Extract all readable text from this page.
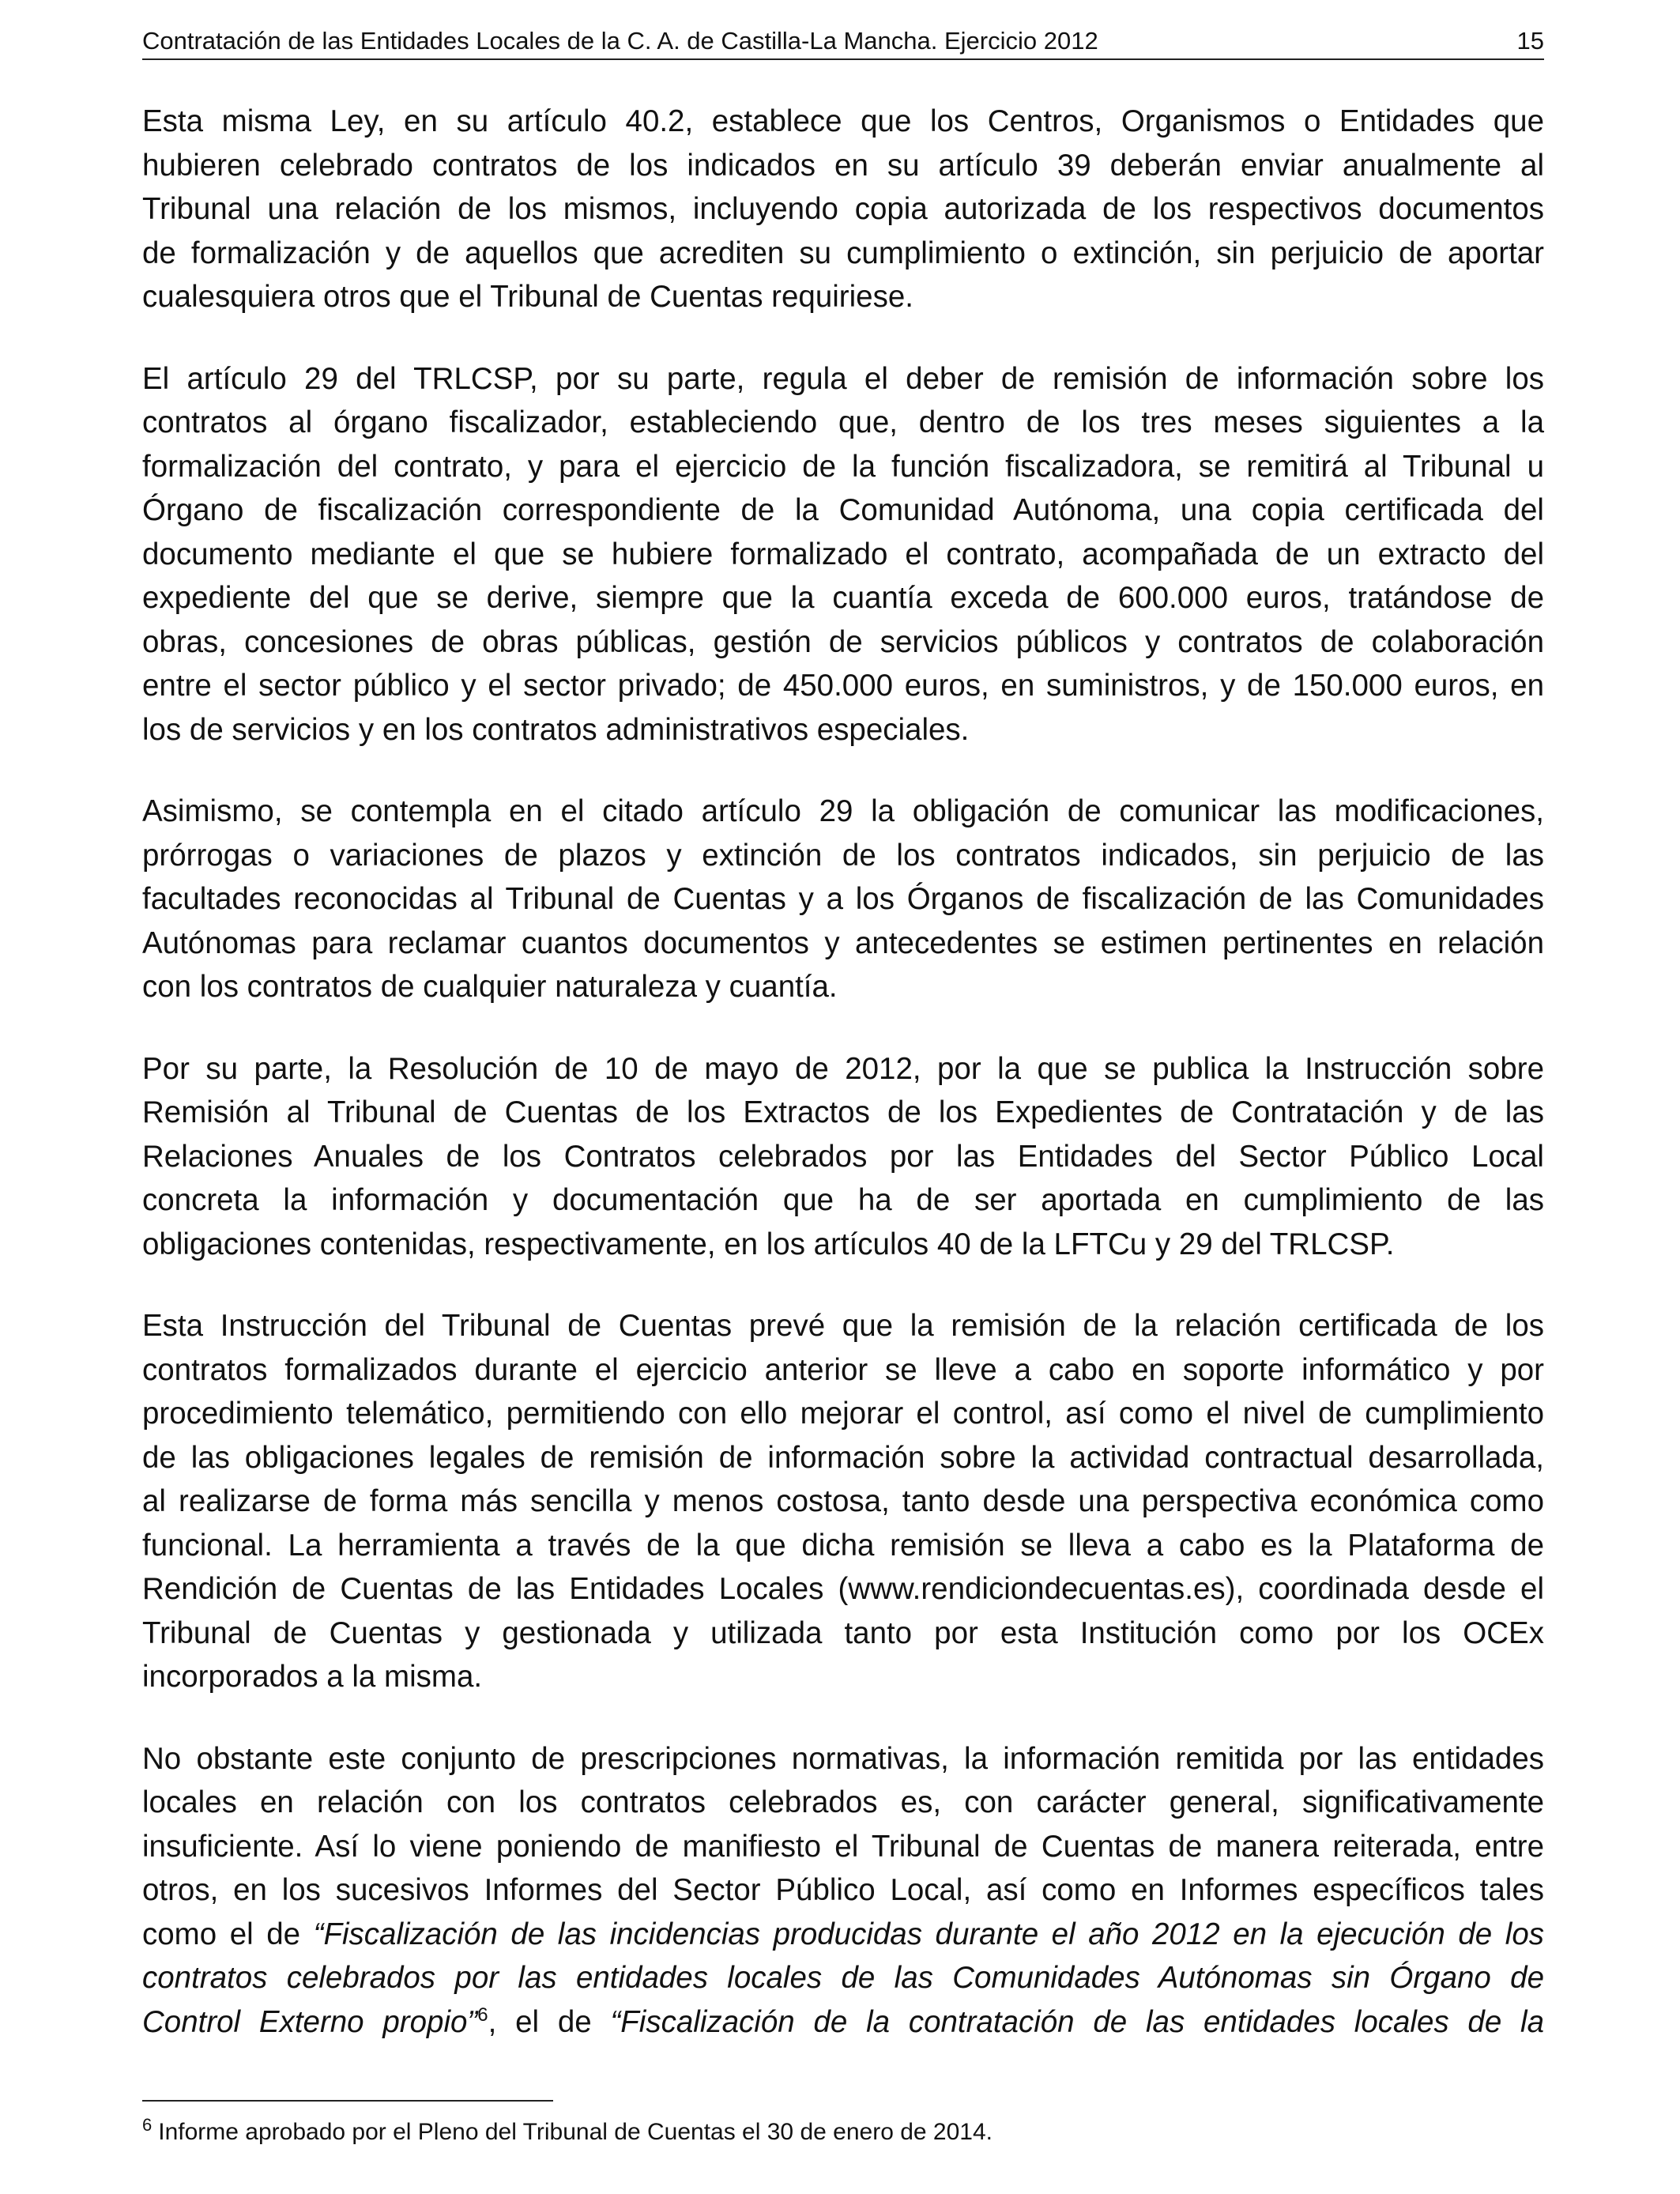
Contratación de las Entidades Locales de la C. A. de Castilla-La Mancha. Ejercicio 2012	15

Esta misma Ley, en su artículo 40.2, establece que los Centros, Organismos o Entidades que
hubieren celebrado contratos de los indicados en su artículo 39 deberán enviar anualmente al
Tribunal una relación de los mismos, incluyendo copia autorizada de los respectivos documentos
de formalización y de aquellos que acrediten su cumplimiento o extinción, sin perjuicio de aportar
cualesquiera otros que el Tribunal de Cuentas requiriese.

El artículo 29 del TRLCSP, por su parte, regula el deber de remisión de información sobre los
contratos al órgano fiscalizador, estableciendo que, dentro de los tres meses siguientes a la
formalización del contrato, y para el ejercicio de la función fiscalizadora, se remitirá al Tribunal u
Órgano de fiscalización correspondiente de la Comunidad Autónoma, una copia certificada del
documento mediante el que se hubiere formalizado el contrato, acompañada de un extracto del
expediente del que se derive, siempre que la cuantía exceda de 600.000 euros, tratándose de
obras, concesiones de obras públicas, gestión de servicios públicos y contratos de colaboración
entre el sector público y el sector privado; de 450.000 euros, en suministros, y de 150.000 euros, en
los de servicios y en los contratos administrativos especiales.

Asimismo, se contempla en el citado artículo 29 la obligación de comunicar las modificaciones,
prórrogas o variaciones de plazos y extinción de los contratos indicados, sin perjuicio de las
facultades reconocidas al Tribunal de Cuentas y a los Órganos de fiscalización de las Comunidades
Autónomas para reclamar cuantos documentos y antecedentes se estimen pertinentes en relación
con los contratos de cualquier naturaleza y cuantía.

Por su parte, la Resolución de 10 de mayo de 2012, por la que se publica la Instrucción sobre
Remisión al Tribunal de Cuentas de los Extractos de los Expedientes de Contratación y de las
Relaciones Anuales de los Contratos celebrados por las Entidades del Sector Público Local
concreta la información y documentación que ha de ser aportada en cumplimiento de las
obligaciones contenidas, respectivamente, en los artículos 40 de la LFTCu y 29 del TRLCSP.

Esta Instrucción del Tribunal de Cuentas prevé que la remisión de la relación certificada de los
contratos formalizados durante el ejercicio anterior se lleve a cabo en soporte informático y por
procedimiento telemático, permitiendo con ello mejorar el control, así como el nivel de cumplimiento
de las obligaciones legales de remisión de información sobre la actividad contractual desarrollada,
al realizarse de forma más sencilla y menos costosa, tanto desde una perspectiva económica como
funcional. La herramienta a través de la que dicha remisión se lleva a cabo es la Plataforma de
Rendición de Cuentas de las Entidades Locales (www.rendiciondecuentas.es), coordinada desde el
Tribunal de Cuentas y gestionada y utilizada tanto por esta Institución como por los OCEx
incorporados a la misma.

No obstante este conjunto de prescripciones normativas, la información remitida por las entidades
locales en relación con los contratos celebrados es, con carácter general, significativamente
insuficiente. Así lo viene poniendo de manifiesto el Tribunal de Cuentas de manera reiterada, entre
otros, en los sucesivos Informes del Sector Público Local, así como en Informes específicos tales
como el de “Fiscalización de las incidencias producidas durante el año 2012 en la ejecución de los
contratos celebrados por las entidades locales de las Comunidades Autónomas sin Órgano de
Control Externo propio”$^6$, el de “Fiscalización de la contratación de las entidades locales de la

$^6$ Informe aprobado por el Pleno del Tribunal de Cuentas el 30 de enero de 2014.
